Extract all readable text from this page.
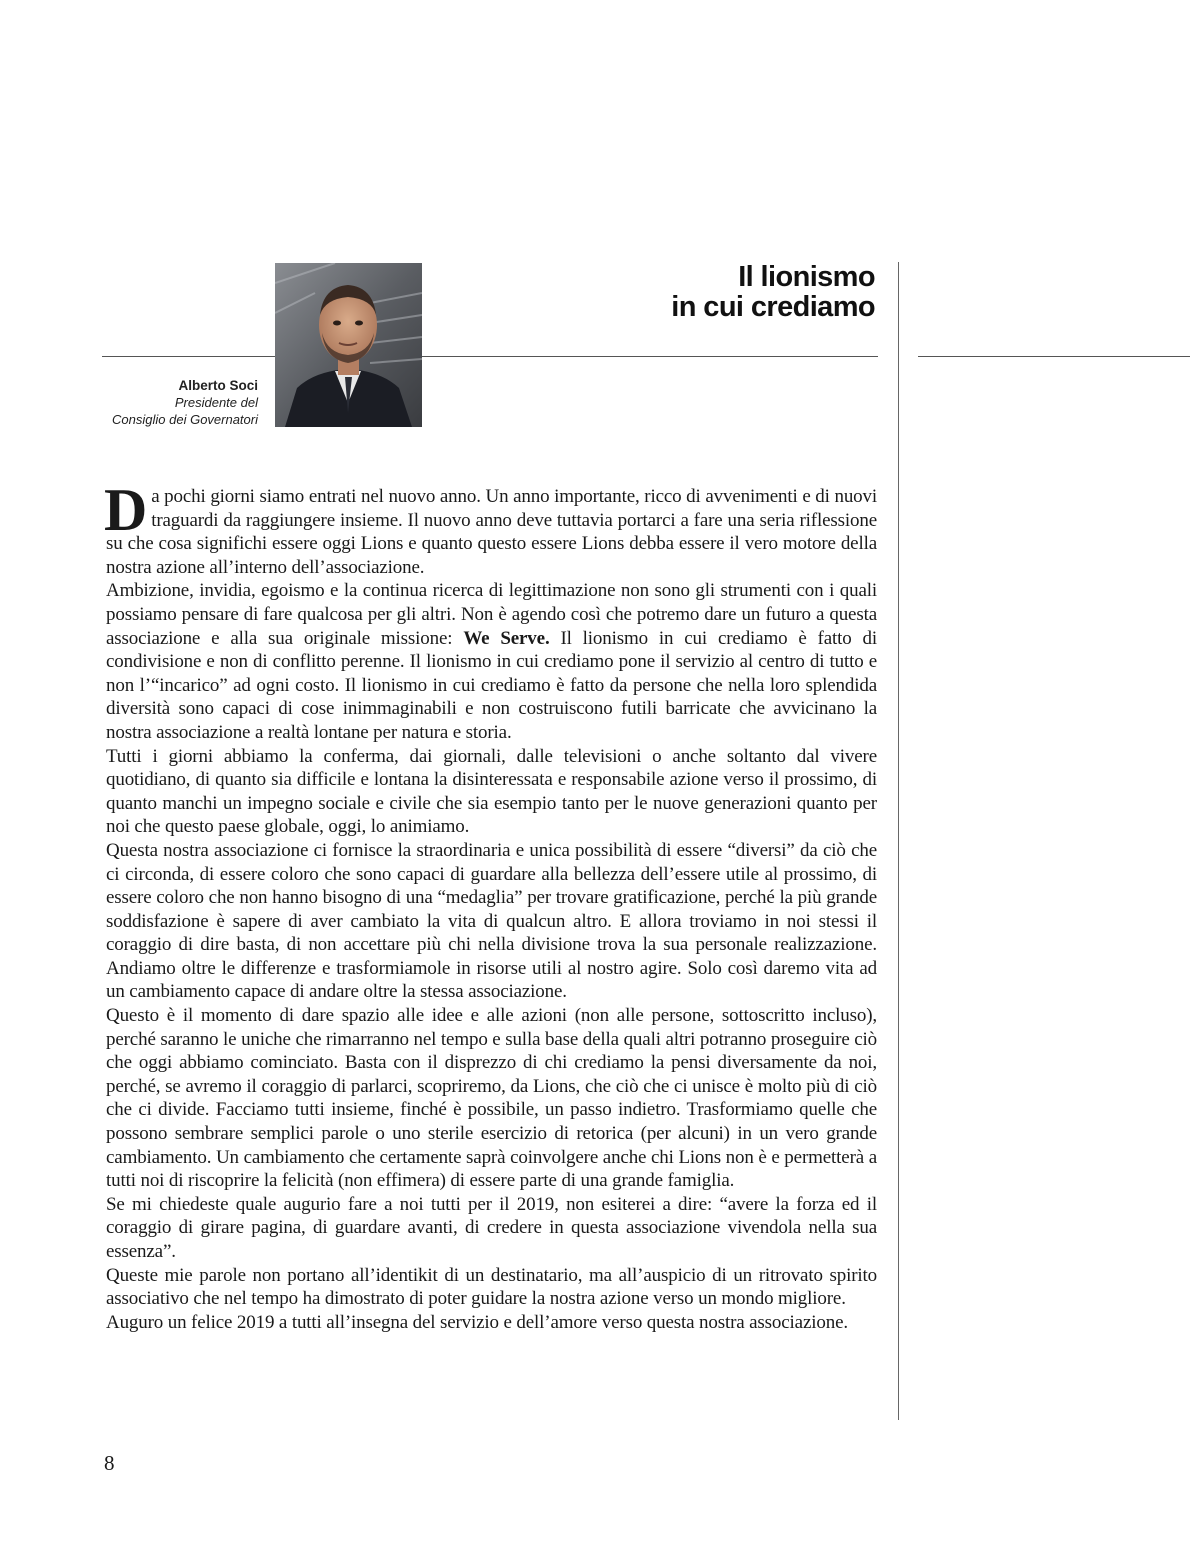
Il lionismo
in cui crediamo
Alberto Soci
Presidente del
Consiglio dei Governatori

Da pochi giorni siamo entrati nel nuovo anno. Un anno importante, ricco di avvenimenti e di nuovi traguardi da raggiungere insieme. Il nuovo anno deve tuttavia portarci a fare una seria riflessione su che cosa significhi essere oggi Lions e quanto questo essere Lions debba essere il vero motore della nostra azione all’interno dell’associazione.

Ambizione, invidia, egoismo e la continua ricerca di legittimazione non sono gli strumenti con i quali possiamo pensare di fare qualcosa per gli altri. Non è agendo così che potremo dare un futuro a questa associazione e alla sua originale missione: We Serve. Il lionismo in cui crediamo è fatto di condivisione e non di conflitto perenne. Il lionismo in cui crediamo pone il servizio al centro di tutto e non l’“incarico” ad ogni costo. Il lionismo in cui crediamo è fatto da persone che nella loro splendida diversità sono capaci di cose inimmaginabili e non costruiscono futili barricate che avvicinano la nostra associazione a realtà lontane per natura e storia.

Tutti i giorni abbiamo la conferma, dai giornali, dalle televisioni o anche soltanto dal vivere quotidiano, di quanto sia difficile e lontana la disinteressata e responsabile azione verso il prossimo, di quanto manchi un impegno sociale e civile che sia esempio tanto per le nuove generazioni quanto per noi che questo paese globale, oggi, lo animiamo.

Questa nostra associazione ci fornisce la straordinaria e unica possibilità di essere “diversi” da ciò che ci circonda, di essere coloro che sono capaci di guardare alla bellezza dell’essere utile al prossimo, di essere coloro che non hanno bisogno di una “medaglia” per trovare gratificazione, perché la più grande soddisfazione è sapere di aver cambiato la vita di qualcun altro. E allora troviamo in noi stessi il coraggio di dire basta, di non accettare più chi nella divisione trova la sua personale realizzazione. Andiamo oltre le differenze e trasformiamole in risorse utili al nostro agire. Solo così daremo vita ad un cambiamento capace di andare oltre la stessa associazione.

Questo è il momento di dare spazio alle idee e alle azioni (non alle persone, sottoscritto incluso), perché saranno le uniche che rimarranno nel tempo e sulla base della quali altri potranno proseguire ciò che oggi abbiamo cominciato. Basta con il disprezzo di chi crediamo la pensi diversamente da noi, perché, se avremo il coraggio di parlarci, scopriremo, da Lions, che ciò che ci unisce è molto più di ciò che ci divide. Facciamo tutti insieme, finché è possibile, un passo indietro. Trasformiamo quelle che possono sembrare semplici parole o uno sterile esercizio di retorica (per alcuni) in un vero grande cambiamento. Un cambiamento che certamente saprà coinvolgere anche chi Lions non è e permetterà a tutti noi di riscoprire la felicità (non effimera) di essere parte di una grande famiglia.

Se mi chiedeste quale augurio fare a noi tutti per il 2019, non esiterei a dire: “avere la forza ed il coraggio di girare pagina, di guardare avanti, di credere in questa associazione vivendola nella sua essenza”.

Queste mie parole non portano all’identikit di un destinatario, ma all’auspicio di un ritrovato spirito associativo che nel tempo ha dimostrato di poter guidare la nostra azione verso un mondo migliore.

Auguro un felice 2019 a tutti all’insegna del servizio e dell’amore verso questa nostra associazione.

8
